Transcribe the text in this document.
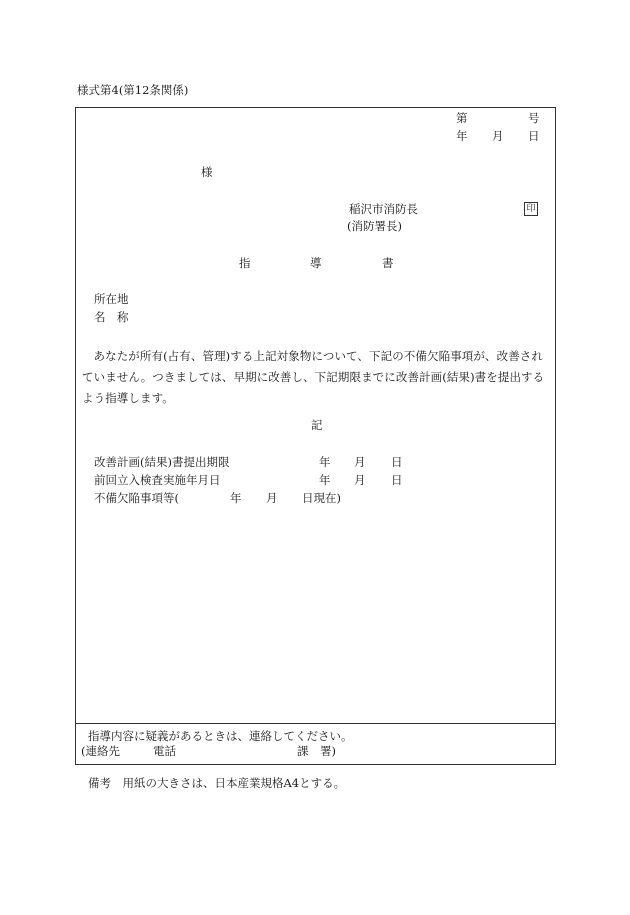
様式第4(第12条関係)
第	号
年 月 日
様
稲沢市消防長	印
(消防署長)
指	導	書
所在地
名　称
あなたが所有(占有、管理)する上記対象物について、下記の不備欠陥事項が、改善されていません。つきましては、早期に改善し、下記期限までに改善計画(結果)書を提出するよう指導します。
記
改善計画(結果)書提出期限	年 月 日
前回立入検査実施年月日	年 月 日
不備欠陥事項等(	年 月 日現在)
指導内容に疑義があるときは、連絡してください。
(連絡先	電話	課　署)
備考　用紙の大きさは、日本産業規格A4とする。
